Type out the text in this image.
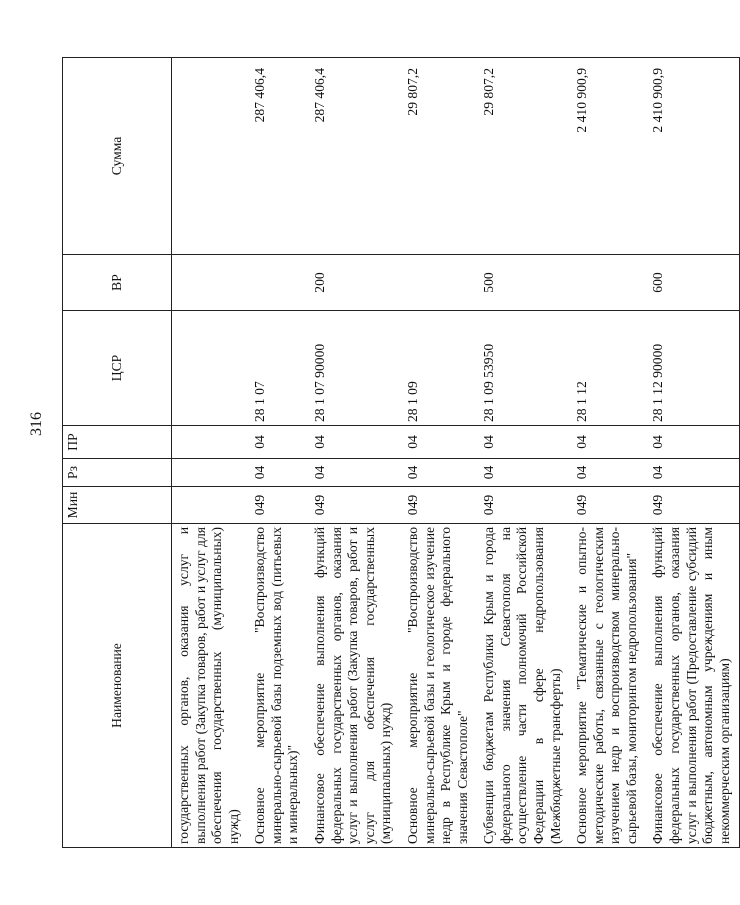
316
Наименование	Мин	Рз	ПР	ЦСР	ВР	Сумма
государственных органов, оказания услуг и выполнения работ (Закупка товаров, работ и услуг для обеспечения государственных (муниципальных) нужд)						
Основное мероприятие "Воспроизводство минерально-сырьевой базы подземных вод (питьевых и минеральных)"	049	04	04	28 1 07		287 406,4
Финансовое обеспечение выполнения функций федеральных государственных органов, оказания услуг и выполнения работ (Закупка товаров, работ и услуг для обеспечения государственных (муниципальных) нужд)	049	04	04	28 1 07 90000	200	287 406,4
Основное мероприятие "Воспроизводство минерально-сырьевой базы и геологическое изучение недр в Республике Крым и городе федерального значения Севастополе"	049	04	04	28 1 09		29 807,2
Субвенции бюджетам Республики Крым и города федерального значения Севастополя на осуществление части полномочий Российской Федерации в сфере недропользования (Межбюджетные трансферты)	049	04	04	28 1 09 53950	500	29 807,2
Основное мероприятие "Тематические и опытно-методические работы, связанные с геологическим изучением недр и воспроизводством минерально-сырьевой базы, мониторингом недропользования"	049	04	04	28 1 12		2 410 900,9
Финансовое обеспечение выполнения функций федеральных государственных органов, оказания услуг и выполнения работ (Предоставление субсидий бюджетным, автономным учреждениям и иным некоммерческим организациям)	049	04	04	28 1 12 90000	600	2 410 900,9
